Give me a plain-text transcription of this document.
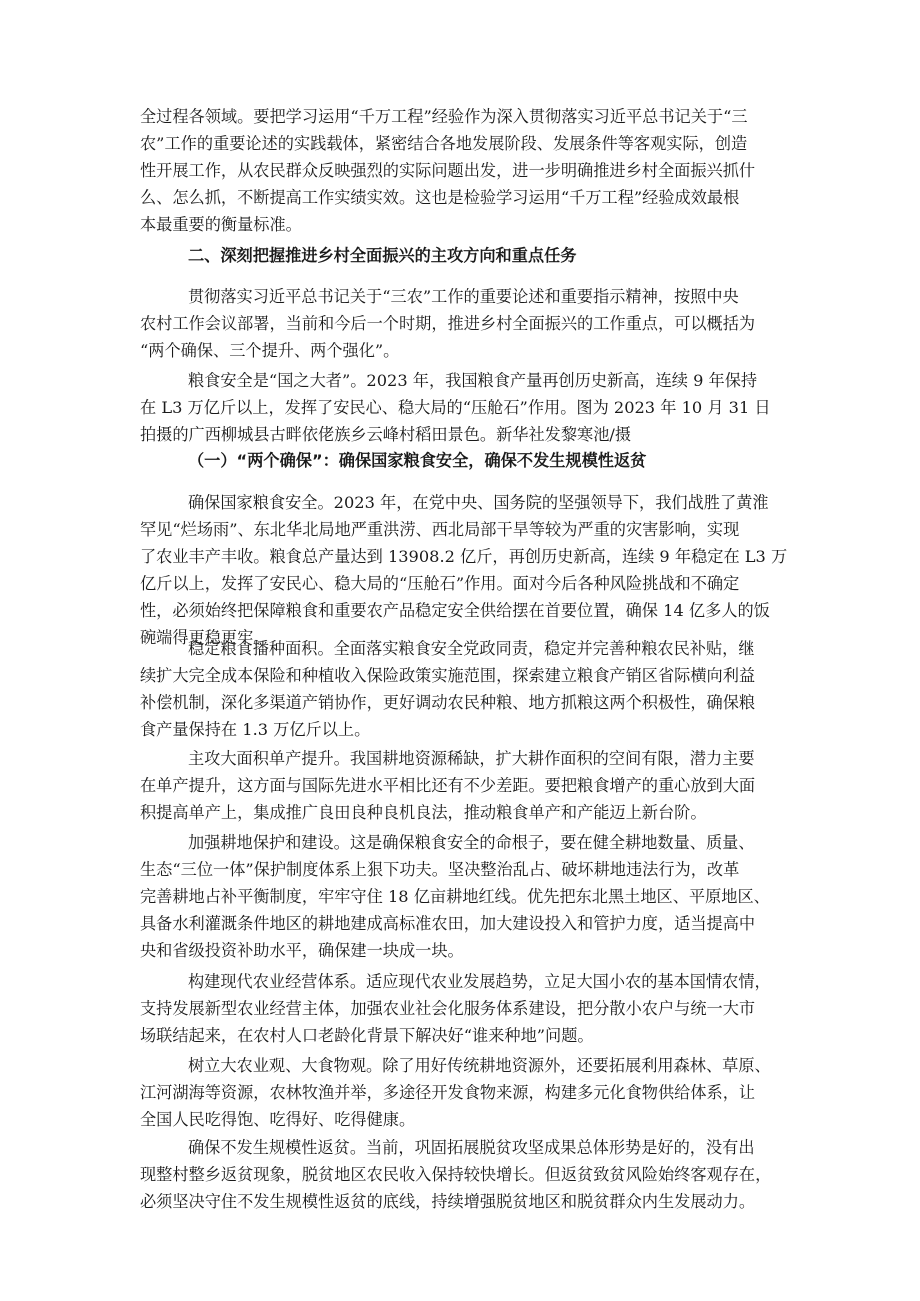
全过程各领域。要把学习运用“千万工程”经验作为深入贯彻落实习近平总书记关于“三
农”工作的重要论述的实践载体，紧密结合各地发展阶段、发展条件等客观实际，创造
性开展工作，从农民群众反映强烈的实际问题出发，进一步明确推进乡村全面振兴抓什
么、怎么抓，不断提高工作实绩实效。这也是检验学习运用“千万工程”经验成效最根
本最重要的衡量标准。

二、深刻把握推进乡村全面振兴的主攻方向和重点任务

贯彻落实习近平总书记关于“三农”工作的重要论述和重要指示精神，按照中央
农村工作会议部署，当前和今后一个时期，推进乡村全面振兴的工作重点，可以概括为
“两个确保、三个提升、两个强化”。

粮食安全是“国之大者”。2023 年，我国粮食产量再创历史新高，连续 9 年保持
在 L3 万亿斤以上，发挥了安民心、稳大局的“压舱石”作用。图为 2023 年 10 月 31 日
拍摄的广西柳城县古畔依佬族乡云峰村稻田景色。新华社发黎寒池/摄

（一）“两个确保”：确保国家粮食安全，确保不发生规模性返贫

确保国家粮食安全。2023 年，在党中央、国务院的坚强领导下，我们战胜了黄淮
罕见“烂场雨”、东北华北局地严重洪涝、西北局部干旱等较为严重的灾害影响，实现
了农业丰产丰收。粮食总产量达到 13908.2 亿斤，再创历史新高，连续 9 年稳定在 L3 万
亿斤以上，发挥了安民心、稳大局的“压舱石”作用。面对今后各种风险挑战和不确定
性，必须始终把保障粮食和重要农产品稳定安全供给摆在首要位置，确保 14 亿多人的饭
碗端得更稳更牢。

稳定粮食播种面积。全面落实粮食安全党政同责，稳定并完善种粮农民补贴，继
续扩大完全成本保险和种植收入保险政策实施范围，探索建立粮食产销区省际横向利益
补偿机制，深化多渠道产销协作，更好调动农民种粮、地方抓粮这两个积极性，确保粮
食产量保持在 1.3 万亿斤以上。

主攻大面积单产提升。我国耕地资源稀缺，扩大耕作面积的空间有限，潜力主要
在单产提升，这方面与国际先进水平相比还有不少差距。要把粮食增产的重心放到大面
积提高单产上，集成推广良田良种良机良法，推动粮食单产和产能迈上新台阶。

加强耕地保护和建设。这是确保粮食安全的命根子，要在健全耕地数量、质量、
生态“三位一体”保护制度体系上狠下功夫。坚决整治乱占、破坏耕地违法行为，改革
完善耕地占补平衡制度，牢牢守住 18 亿亩耕地红线。优先把东北黑土地区、平原地区、
具备水利灌溉条件地区的耕地建成高标准农田，加大建设投入和管护力度，适当提高中
央和省级投资补助水平，确保建一块成一块。

构建现代农业经营体系。适应现代农业发展趋势，立足大国小农的基本国情农情，
支持发展新型农业经营主体，加强农业社会化服务体系建设，把分散小农户与统一大市
场联结起来，在农村人口老龄化背景下解决好“谁来种地”问题。

树立大农业观、大食物观。除了用好传统耕地资源外，还要拓展利用森林、草原、
江河湖海等资源，农林牧渔并举，多途径开发食物来源，构建多元化食物供给体系，让
全国人民吃得饱、吃得好、吃得健康。

确保不发生规模性返贫。当前，巩固拓展脱贫攻坚成果总体形势是好的，没有出
现整村整乡返贫现象，脱贫地区农民收入保持较快增长。但返贫致贫风险始终客观存在，
必须坚决守住不发生规模性返贫的底线，持续增强脱贫地区和脱贫群众内生发展动力。
